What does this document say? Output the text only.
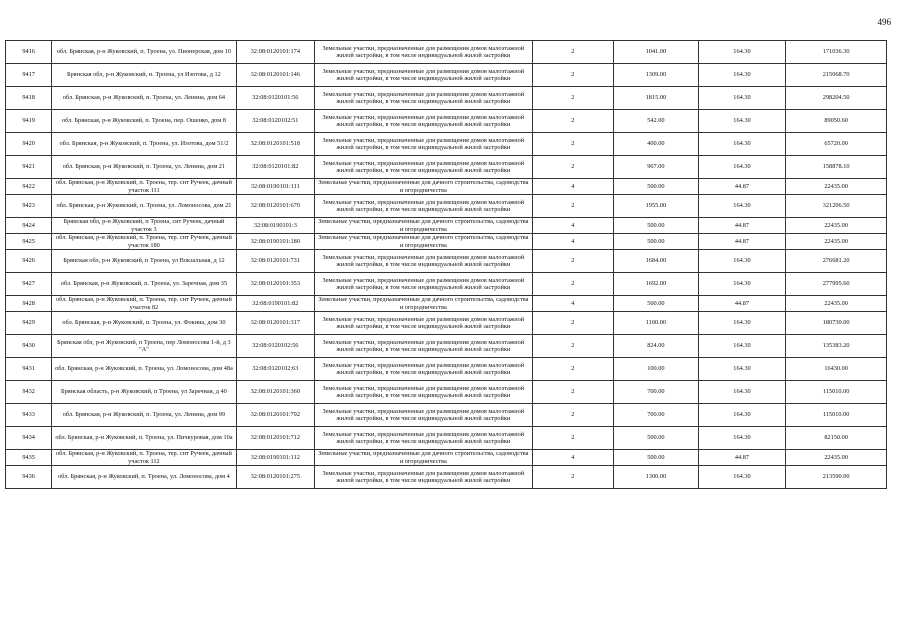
496
9416	обл. Брянская, р-н Жуковский, п. Троена, ул. Пионерская, дом 10	32:08:0120101:174	Земельные участки, предназначенные для размещения домов малоэтажной жилой застройки, в том числе индивидуальной жилой застройки	2	1041.00	164.30	171036.30
9417	Брянская обл, р-н Жуковский, п. Троена, ул Изотова, д 12	32:08:0120101:146	Земельные участки, предназначенные для размещения домов малоэтажной жилой застройки, в том числе индивидуальной жилой застройки	2	1309.00	164.30	215068.70
9418	обл. Брянская, р-н Жуковский, п. Троена, ул. Ленина, дом 64	32:08:0120101:56	Земельные участки, предназначенные для размещения домов малоэтажной жилой застройки, в том числе индивидуальной жилой застройки	2	1815.00	164.30	298204.50
9419	обл. Брянская, р-н Жуковский, п. Троена, пер. Ошенко, дом 8	32:08:0120102:51	Земельные участки, предназначенные для размещения домов малоэтажной жилой застройки, в том числе индивидуальной жилой застройки	2	542.00	164.30	89050.60
9420	обл. Брянская, р-н Жуковский, п. Троена, ул. Изотова, дом 51/2	32:08:0120101:518	Земельные участки, предназначенные для размещения домов малоэтажной жилой застройки, в том числе индивидуальной жилой застройки	2	400.00	164.30	65720.00
9421	обл. Брянская, р-н Жуковский, п. Троена, ул. Ленина, дом 21	32:08:0120101:82	Земельные участки, предназначенные для размещения домов малоэтажной жилой застройки, в том числе индивидуальной жилой застройки	2	967.00	164.30	158878.10
9422	обл. Брянская, р-н Жуковский, п. Троена, тер. снт Ручеек, дачный участок 111	32:08:0190101:111	Земельные участки, предназначенные для дачного строительства, садоводства и огородничества	4	500.00	44.87	22435.00
9423	обл. Брянская, р-н Жуковский, п. Троена, ул. Ломоносова, дом 21	32:08:0120101:670	Земельные участки, предназначенные для размещения домов малоэтажной жилой застройки, в том числе индивидуальной жилой застройки	2	1955.00	164.30	321206.50
9424	Брянская обл, р-н Жуковский, п Троена, снт Ручеек, дачный участок 3	32:08:0190101:3	Земельные участки, предназначенные для дачного строительства, садоводства и огородничества	4	500.00	44.87	22435.00
9425	обл. Брянская, р-н Жуковский, п. Троена, тер. снт Ручеек, дачный участок 180	32:08:0190101:180	Земельные участки, предназначенные для дачного строительства, садоводства и огородничества	4	500.00	44.87	22435.00
9426	Брянская обл, р-н Жуковский, п Троена, ул Вокзальная, д 12	32:08:0120101:731	Земельные участки, предназначенные для размещения домов малоэтажной жилой застройки, в том числе индивидуальной жилой застройки	2	1684.00	164.30	276681.20
9427	обл. Брянская, р-н Жуковский, п. Троена, ул. Заречная, дом 35	32:08:0120101:353	Земельные участки, предназначенные для размещения домов малоэтажной жилой застройки, в том числе индивидуальной жилой застройки	2	1692.00	164.30	277995.60
9428	обл. Брянская, р-н Жуковский, п. Троена, тер. снт Ручеек, дачный участок 82	32:08:0190101:82	Земельные участки, предназначенные для дачного строительства, садоводства и огородничества	4	500.00	44.87	22435.00
9429	обл. Брянская, р-н Жуковский, п. Троена, ул. Фокина, дом 30	32:08:0120101:317	Земельные участки, предназначенные для размещения домов малоэтажной жилой застройки, в том числе индивидуальной жилой застройки	2	1100.00	164.30	180730.00
9430	Брянская обл, р-н Жуковский, п Троена, пер Ломоносова 1-й, д 3 "А"	32:08:0120102:56	Земельные участки, предназначенные для размещения домов малоэтажной жилой застройки, в том числе индивидуальной жилой застройки	2	824.00	164.30	135383.20
9431	обл. Брянская, р-н Жуковский, п. Троена, ул. Ломоносова, дом 48а	32:08:0120102:63	Земельные участки, предназначенные для размещения домов малоэтажной жилой застройки, в том числе индивидуальной жилой застройки	2	100.00	164.30	16430.00
9432	Брянская область, р-н Жуковский, п Троена, ул Заречная, д 40	32:08:0120101:360	Земельные участки, предназначенные для размещения домов малоэтажной жилой застройки, в том числе индивидуальной жилой застройки	2	700.00	164.30	115010.00
9433	обл. Брянская, р-н Жуковский, п. Троена, ул. Ленина, дом 99	32:08:0120101:792	Земельные участки, предназначенные для размещения домов малоэтажной жилой застройки, в том числе индивидуальной жилой застройки	2	700.00	164.30	115010.00
9434	обл. Брянская, р-н Жуковский, п. Троена, ул. Пичкуровая, дом 10а	32:08:0120101:712	Земельные участки, предназначенные для размещения домов малоэтажной жилой застройки, в том числе индивидуальной жилой застройки	2	500.00	164.30	82150.00
9435	обл. Брянская, р-н Жуковский, п. Троена, тер. снт Ручеек, дачный участок 112	32:08:0190101:112	Земельные участки, предназначенные для дачного строительства, садоводства и огородничества	4	500.00	44.87	22435.00
9436	обл. Брянская, р-н Жуковский, п. Троена, ул. Ломоносова, дом 4	32:08:0120101:275	Земельные участки, предназначенные для размещения домов малоэтажной жилой застройки, в том числе индивидуальной жилой застройки	2	1300.00	164.30	213590.00
